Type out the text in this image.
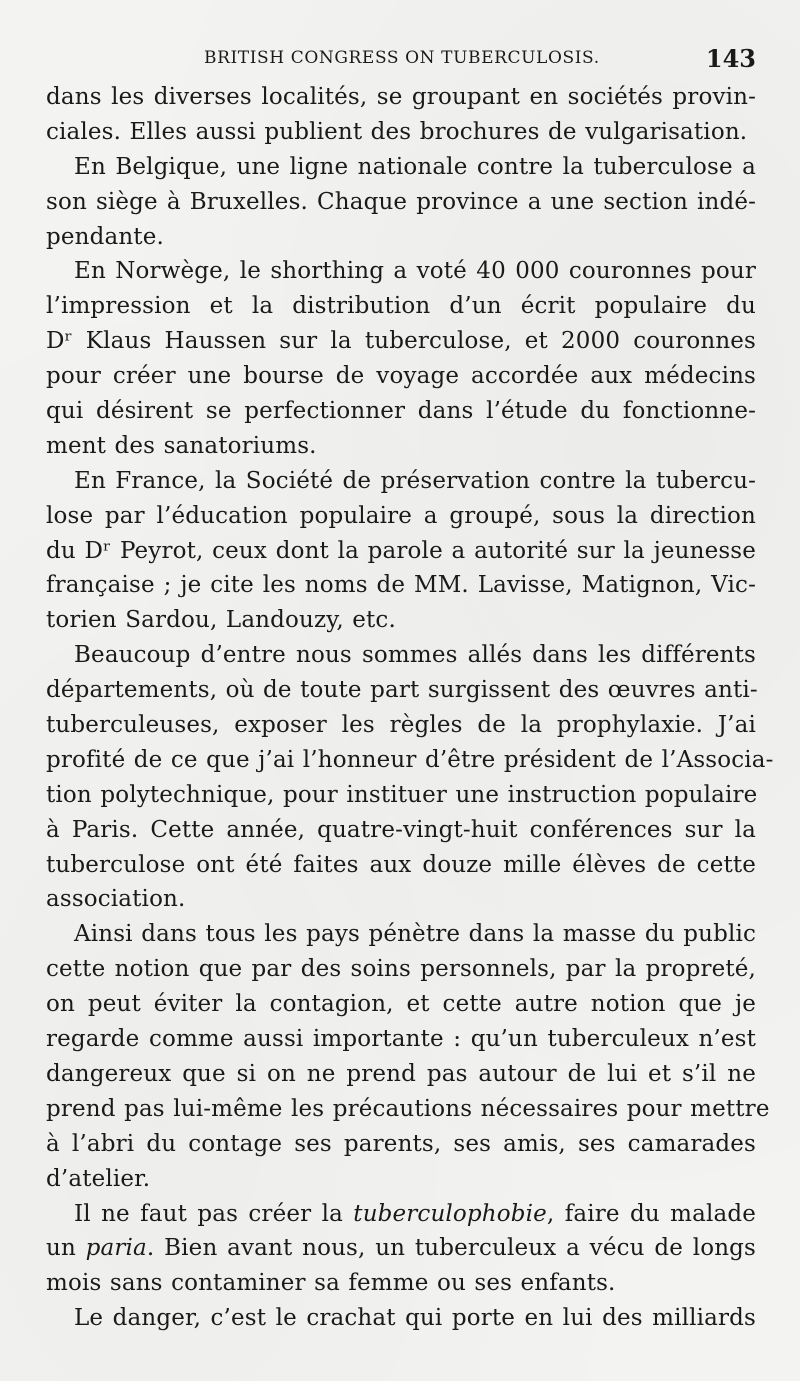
BRITISH CONGRESS ON TUBERCULOSIS.	143
dans les diverses localités, se groupant en sociétés provin-
ciales. Elles aussi publient des brochures de vulgarisation.
En Belgique, une ligne nationale contre la tuberculose a
son siège à Bruxelles. Chaque province a une section indé-
pendante.
En Norwège, le shorthing a voté 40 000 couronnes pour
l’impression et la distribution d’un écrit populaire du
Dʳ Klaus Haussen sur la tuberculose, et 2000 couronnes
pour créer une bourse de voyage accordée aux médecins
qui désirent se perfectionner dans l’étude du fonctionne-
ment des sanatoriums.
En France, la Société de préservation contre la tubercu-
lose par l’éducation populaire a groupé, sous la direction
du Dʳ Peyrot, ceux dont la parole a autorité sur la jeunesse
française ; je cite les noms de MM. Lavisse, Matignon, Vic-
torien Sardou, Landouzy, etc.
Beaucoup d’entre nous sommes allés dans les différents
départements, où de toute part surgissent des œuvres anti-
tuberculeuses, exposer les règles de la prophylaxie. J’ai
profité de ce que j’ai l’honneur d’être président de l’Associa-
tion polytechnique, pour instituer une instruction populaire
à Paris. Cette année, quatre-vingt-huit conférences sur la
tuberculose ont été faites aux douze mille élèves de cette
association.
Ainsi dans tous les pays pénètre dans la masse du public
cette notion que par des soins personnels, par la propreté,
on peut éviter la contagion, et cette autre notion que je
regarde comme aussi importante : qu’un tuberculeux n’est
dangereux que si on ne prend pas autour de lui et s’il ne
prend pas lui-même les précautions nécessaires pour mettre
à l’abri du contage ses parents, ses amis, ses camarades
d’atelier.
Il ne faut pas créer la tuberculophobie, faire du malade
un paria. Bien avant nous, un tuberculeux a vécu de longs
mois sans contaminer sa femme ou ses enfants.
Le danger, c’est le crachat qui porte en lui des milliards
